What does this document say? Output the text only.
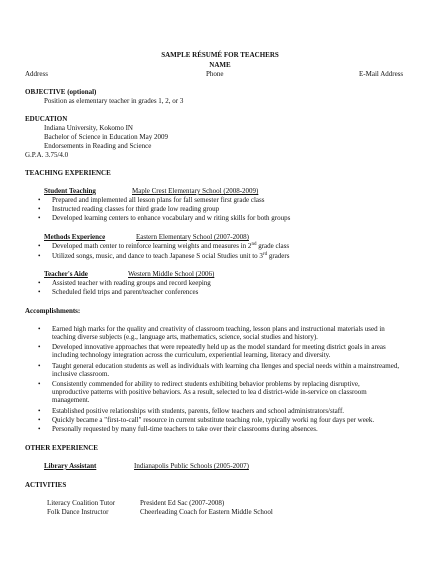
SAMPLE RÉSUMÉ FOR TEACHERS
NAME
Address	Phone	E-Mail Address
OBJECTIVE (optional)
Position as elementary teacher in grades 1, 2, or 3
EDUCATION
Indiana University, Kokomo IN
Bachelor of Science in Education May 2009
Endorsements in Reading and Science
G.P.A. 3.75/4.0
TEACHING EXPERIENCE
Student Teaching	Maple Crest Elementary School (2008-2009)
• Prepared and implemented all lesson plans for fall semester first grade class
• Instructed reading classes for third grade low reading group
• Developed learning centers to enhance vocabulary and w riting skills for both groups
Methods Experience	Eastern Elementary School (2007-2008)
• Developed math center to reinforce learning weights and measures in 2nd grade class
• Utilized songs, music, and dance to teach Japanese S ocial Studies unit to 3rd graders
Teacher's Aide	Western Middle School (2006)
• Assisted teacher with reading groups and record keeping
• Scheduled field trips and parent/teacher conferences
Accomplishments:
• Earned high marks for the quality and creativity of classroom teaching, lesson plans and instructional materials used in teaching diverse subjects (e.g., language arts, mathematics, science, social studies and history).
• Developed innovative approaches that were repeatedly held up as the model standard for meeting district goals in areas including technology integration across the curriculum, experiential learning, literacy and diversity.
• Taught general education students as well as individuals with learning cha llenges and special needs within a mainstreamed, inclusive classroom.
• Consistently commended for ability to redirect students exhibiting behavior problems by replacing disruptive, unproductive patterns with positive behaviors. As a result, selected to lea d district-wide in-service on classroom management.
• Established positive relationships with students, parents, fellow teachers and school administrators/staff.
• Quickly became a "first-to-call" resource in current substitute teaching role, typically worki ng four days per week.
• Personally requested by many full-time teachers to take over their classrooms during absences.
OTHER EXPERIENCE
Library Assistant	Indianapolis Public Schools (2005-2007)
ACTIVITIES
Literacy Coalition Tutor	President Ed Sac (2007-2008)
Folk Dance Instructor	Cheerleading Coach for Eastern Middle School
